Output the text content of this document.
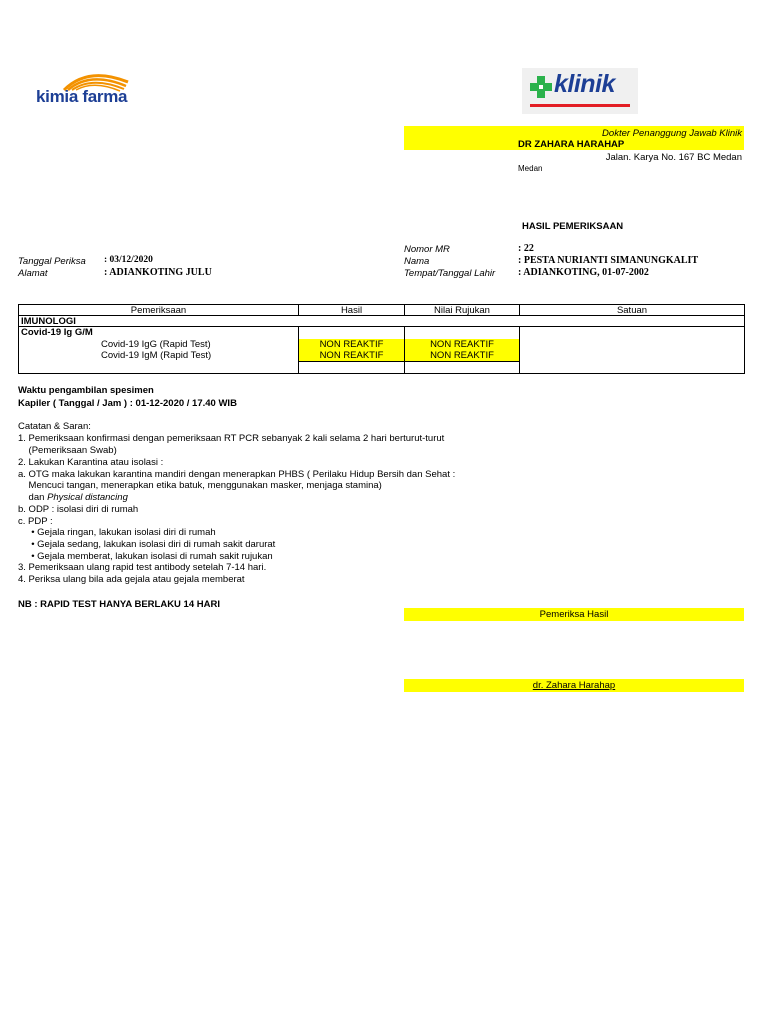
kimia farma	klinik
Dokter Penanggung Jawab Klinik
DR ZAHARA HARAHAP
Jalan. Karya No. 167 BC Medan
Medan
HASIL PEMERIKSAAN
Nomor MR	: 22
Tanggal Periksa : 03/12/2020	Nama	: PESTA NURIANTI SIMANUNGKALIT
Alamat	: ADIANKOTING JULU	Tempat/Tanggal Lahir : ADIANKOTING, 01-07-2002
Pemeriksaan	Hasil	Nilai Rujukan	Satuan
IMUNOLOGI
Covid-19 Ig G/M
Covid-19 IgG (Rapid Test)	NON REAKTIF	NON REAKTIF
Covid-19 IgM (Rapid Test)	NON REAKTIF	NON REAKTIF
Waktu pengambilan spesimen
Kapiler ( Tanggal / Jam ) : 01-12-2020 / 17.40 WIB
Catatan & Saran:
1. Pemeriksaan konfirmasi dengan pemeriksaan RT PCR sebanyak 2 kali selama 2 hari berturut-turut
(Pemeriksaan Swab)
2. Lakukan Karantina atau isolasi :
a. OTG maka lakukan karantina mandiri dengan menerapkan PHBS ( Perilaku Hidup Bersih dan Sehat :
Mencuci tangan, menerapkan etika batuk, menggunakan masker, menjaga stamina)
dan Physical distancing
b. ODP : isolasi diri di rumah
c. PDP :
• Gejala ringan, lakukan isolasi diri di rumah
• Gejala sedang, lakukan isolasi diri di rumah sakit darurat
• Gejala memberat, lakukan isolasi di rumah sakit rujukan
3. Pemeriksaan ulang rapid test antibody setelah 7-14 hari.
4. Periksa ulang bila ada gejala atau gejala memberat
NB : RAPID TEST HANYA BERLAKU 14 HARI
Pemeriksa Hasil
dr. Zahara Harahap
